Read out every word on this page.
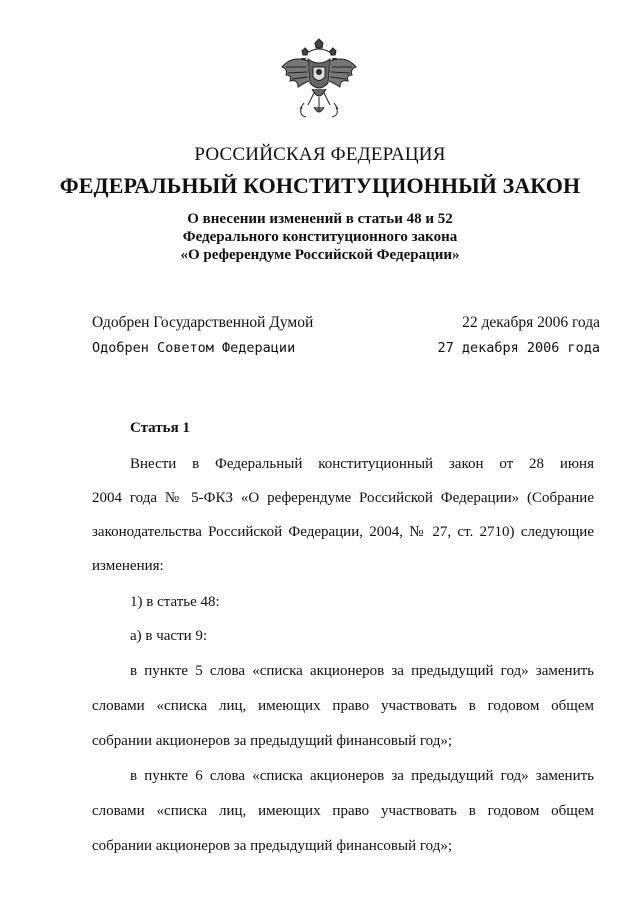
РОССИЙСКАЯ ФЕДЕРАЦИЯ
ФЕДЕРАЛЬНЫЙ КОНСТИТУЦИОННЫЙ ЗАКОН
О внесении изменений в статьи 48 и 52
Федерального конституционного закона
«О референдуме Российской Федерации»
Одобрен Государственной Думой	22 декабря 2006 года
Одобрен Советом Федерации	27 декабря 2006 года
Статья 1
Внести в Федеральный конституционный закон от 28 июня
2004 года № 5-ФКЗ «О референдуме Российской Федерации» (Собрание
законодательства Российской Федерации, 2004, № 27, ст. 2710) следующие
изменения:
1) в статье 48:
а) в части 9:
в пункте 5 слова «списка акционеров за предыдущий год» заменить
словами «списка лиц, имеющих право участвовать в годовом общем
собрании акционеров за предыдущий финансовый год»;
в пункте 6 слова «списка акционеров за предыдущий год» заменить
словами «списка лиц, имеющих право участвовать в годовом общем
собрании акционеров за предыдущий финансовый год»;
